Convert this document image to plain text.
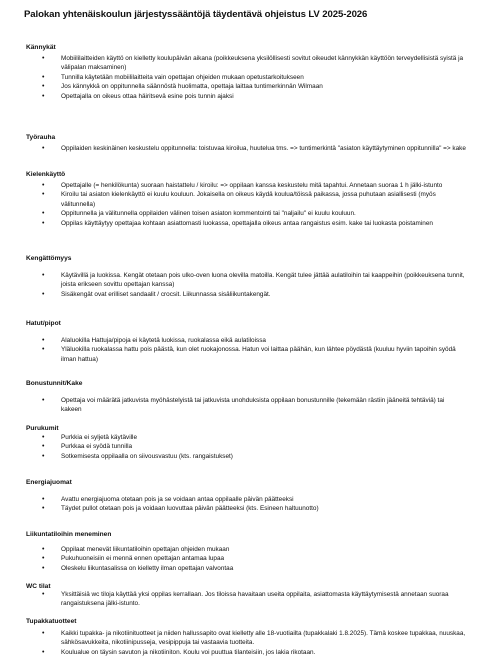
Palokan yhtenäiskoulun järjestyssääntöjä täydentävä ohjeistus LV 2025-2026
Kännykät
•	Mobiililaitteiden käyttö on kielletty koulupäivän aikana (poikkeuksena yksilöllisesti sovitut oikeudet kännykkän käyttöön terveydellisistä syistä ja välipalan maksaminen)
•	Tunnilla käytetään mobiililaitteita vain opettajan ohjeiden mukaan opetustarkoitukseen
•	Jos kännykkä on oppitunnella säännöstä huolimatta, opettaja laittaa tuntimerkinnän Wilmaan
•	Opettajalla on oikeus ottaa häiritsevä esine pois tunnin ajaksi
Työrauha
•	Oppilaiden keskinäinen keskustelu oppitunnella: toistuvaa kiroilua, huutelua tms. => tuntimerkintä "asiaton käyttäytyminen oppitunnilla" => kake
Kielenkäyttö
•	Opettajalle (= henkilökunta) suoraan haistattelu / kiroilu: => oppilaan kanssa keskustelu mitä tapahtui. Annetaan suoraa 1 h jälki-istunto
•	Kiroilu tai asiaton kielenkäyttö ei kuulu kouluun. Jokaisella on oikeus käydä koulua/töissä paikassa, jossa puhutaan asiallisesti (myös välitunnella)
•	Oppitunnella ja välitunnella oppilaiden välinen toisen asiaton kommentointi tai "naljailu" ei kuulu kouluun.
•	Oppilas käyttäytyy opettajaa kohtaan asiattomasti luokassa, opettajalla oikeus antaa rangaistus esim. kake tai luokasta poistaminen
Kengättömyys
•	Käytävillä ja luokissa. Kengät otetaan pois ulko-oven luona olevilla matoilla. Kengät tulee jättää aulatiloihin tai kaappeihin (poikkeuksena tunnit, joista erikseen sovittu opettajan kanssa)
•	Sisäkengät ovat erilliset sandaalit / crocsit. Liikunnassa sisäliikuntakengät.
Hatut/pipot
•	Alaluokilla Hattuja/pipoja ei käytetä luokissa, ruokalassa eikä aulatiloissa
•	Yläluokilla ruokalassa hattu pois päästä, kun olet ruokajonossa. Hatun voi laittaa päähän, kun lähtee pöydästä (kuuluu hyviin tapoihin syödä ilman hattua)
Bonustunnit/Kake
•	Opettaja voi määrätä jatkuvista myöhästelyistä tai jatkuvista unohduksista oppilaan bonustunnille (tekemään rästiin jääneitä tehtäviä) tai kakeen
Purukumit
•	Purkkia ei syljetä käytäville
•	Purkkaa ei syödä tunnilla
•	Sotkemisesta oppilaalla on siivousvastuu (kts. rangaistukset)
Energiajuomat
•	Avattu energiajuoma otetaan pois ja se voidaan antaa oppilaalle päivän päätteeksi
•	Täydet pullot otetaan pois ja voidaan luovuttaa päivän päätteeksi (kts. Esineen haltuunotto)
Liikuntatiloihin meneminen
•	Oppilaat menevät liikuntatiloihin opettajan ohjeiden mukaan
•	Pukuhuoneisiin ei mennä ennen opettajan antamaa lupaa
•	Oleskelu liikuntasalissa on kielletty ilman opettajan valvontaa
WC tilat
•	Yksittäisiä wc tiloja käyttää yksi oppilas kerrallaan. Jos tiloissa havaitaan useita oppilaita, asiattomasta käyttäytymisestä annetaan suoraa rangaistuksena jälki-istunto.
Tupakkatuotteet
•	Kaikki tupakka- ja nikotiinituotteet ja niiden hallussapito ovat kielletty alle 18-vuotiailta (tupakkalaki 1.8.2025). Tämä koskee tupakkaa, nuuskaa, sähkösavukkeita, nikotiinipusseja, vesipippuja tai vastaavia tuotteita.
•	Koulualue on täysin savuton ja nikotiiniton. Koulu voi puuttua tilanteisiin, jos lakia rikotaan.
